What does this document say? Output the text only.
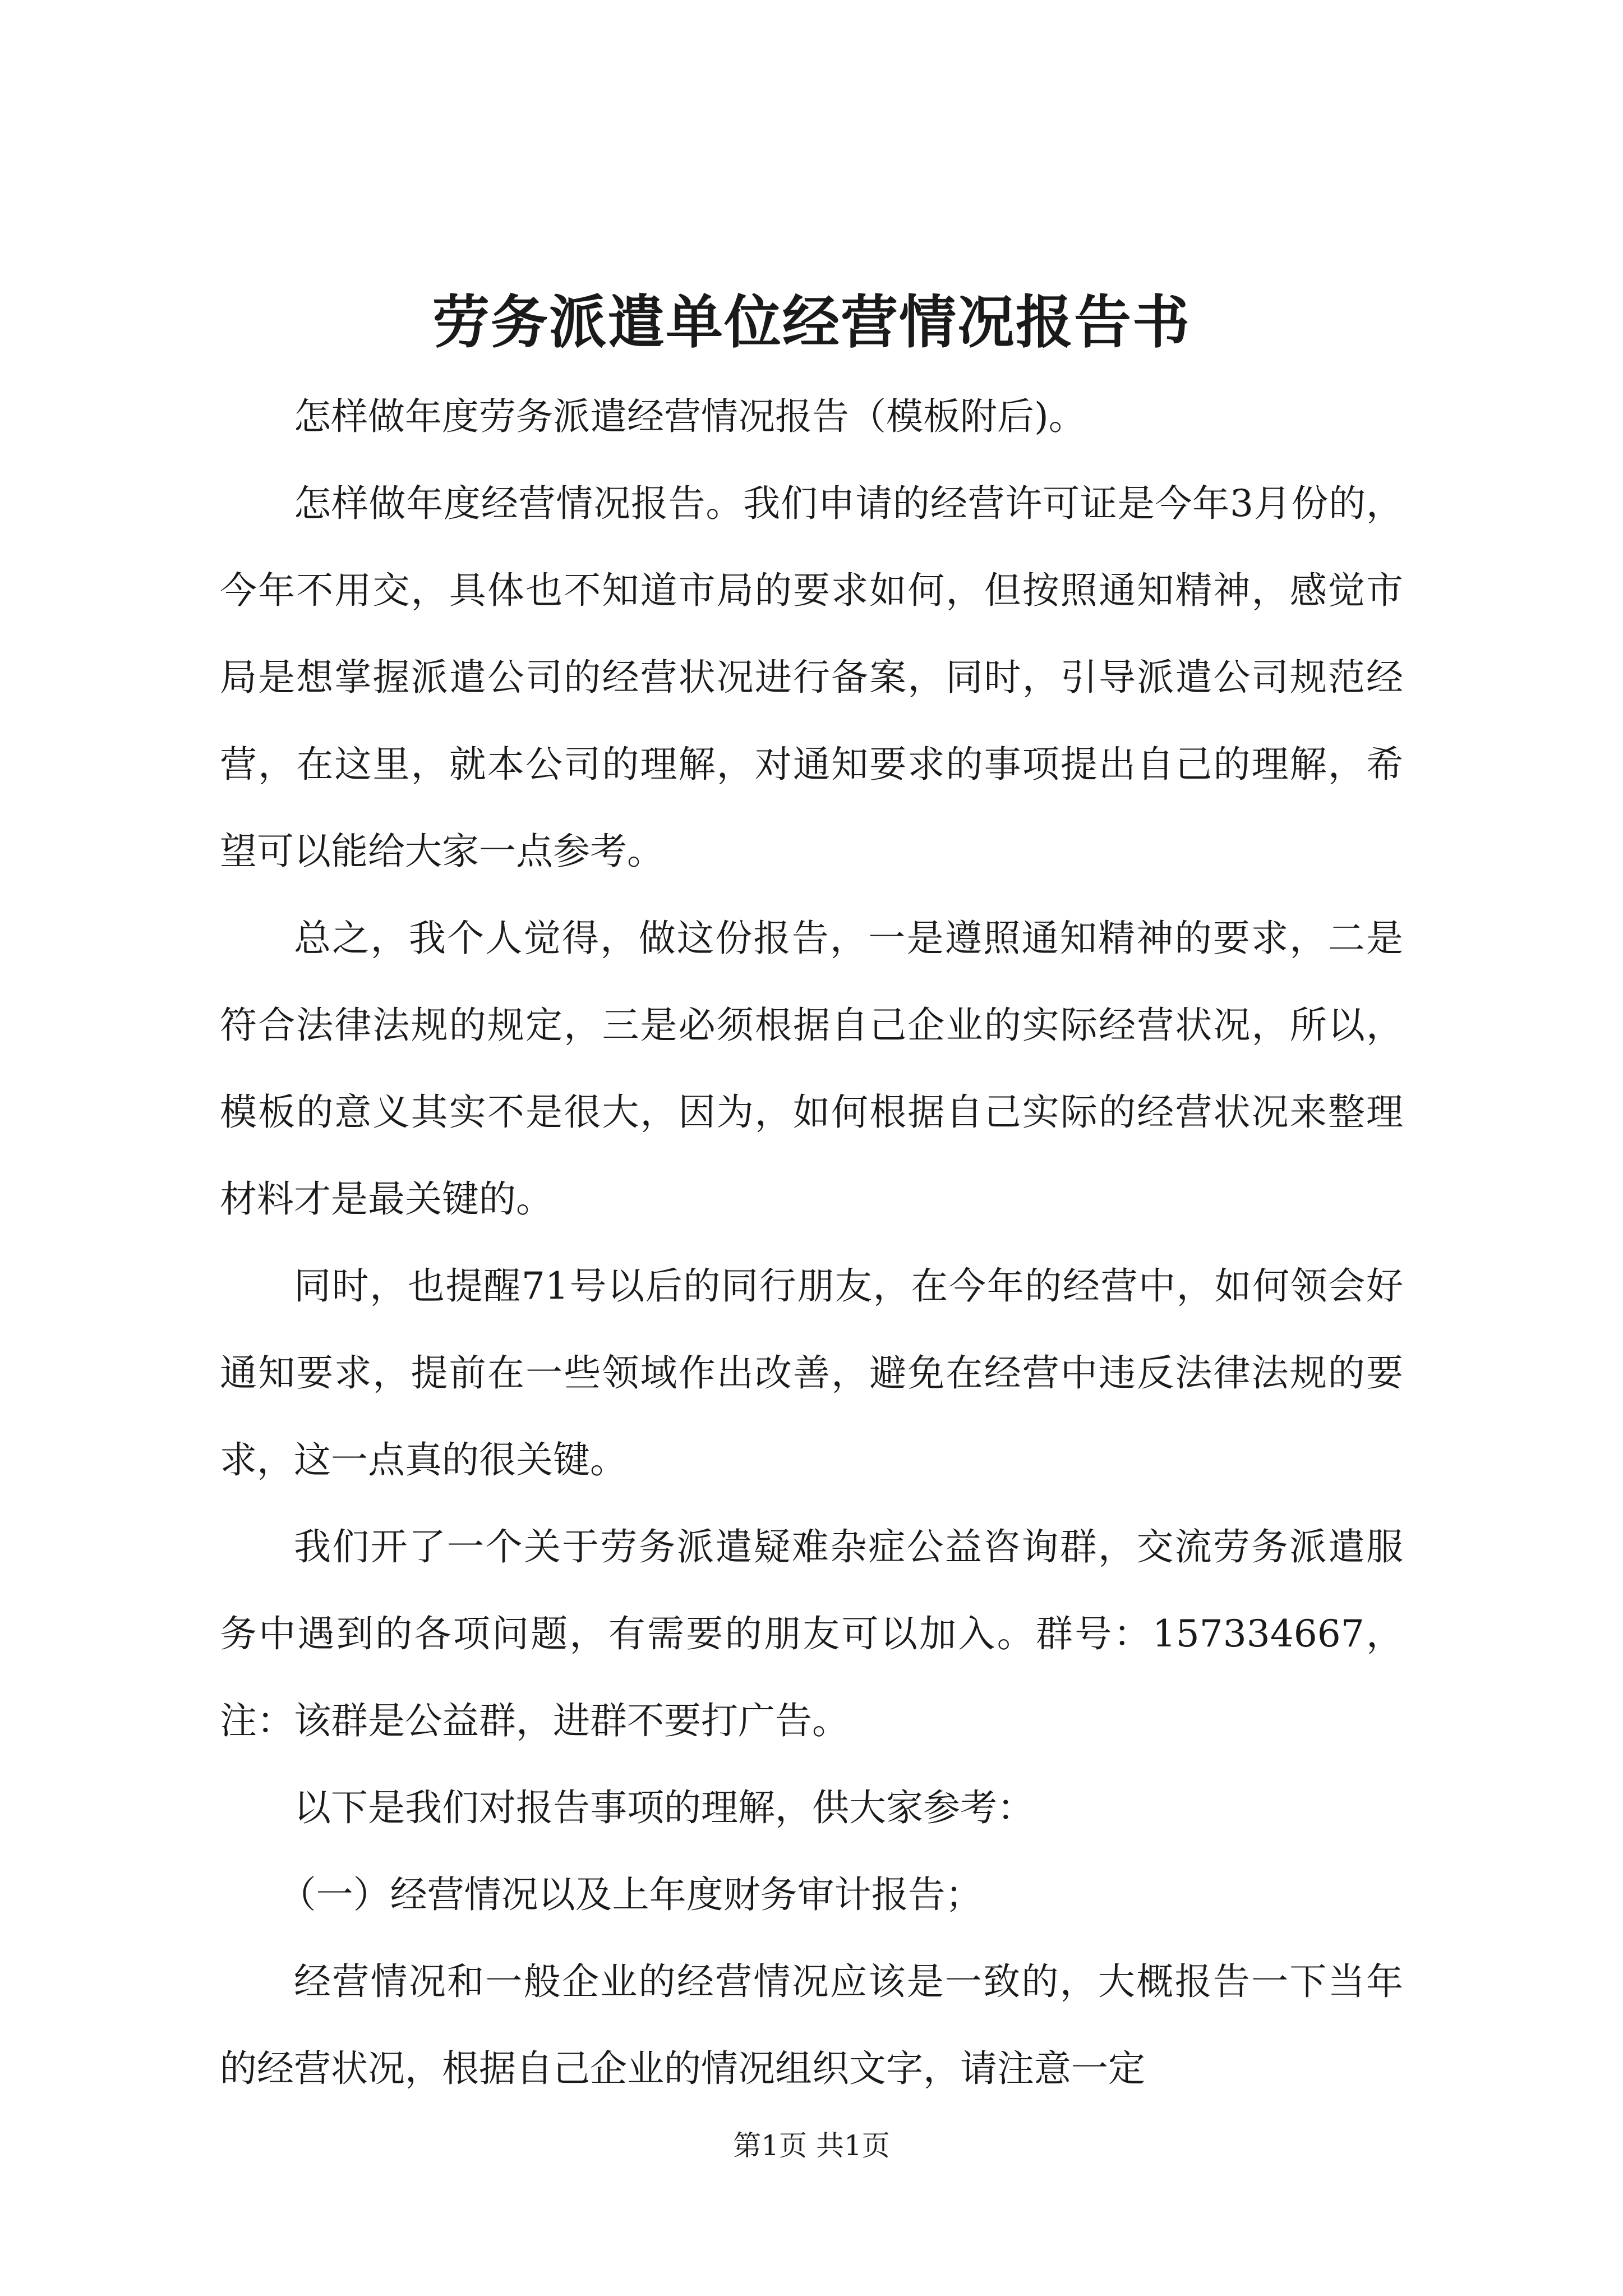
劳务派遣单位经营情况报告书

怎样做年度劳务派遣经营情况报告（模板附后)。

怎样做年度经营情况报告。我们申请的经营许可证是今年3月份的，今年不用交，具体也不知道市局的要求如何，但按照通知精神，感觉市局是想掌握派遣公司的经营状况进行备案，同时，引导派遣公司规范经营，在这里，就本公司的理解，对通知要求的事项提出自己的理解，希望可以能给大家一点参考。

总之，我个人觉得，做这份报告，一是遵照通知精神的要求，二是符合法律法规的规定，三是必须根据自己企业的实际经营状况，所以，模板的意义其实不是很大，因为，如何根据自己实际的经营状况来整理材料才是最关键的。

同时，也提醒71号以后的同行朋友，在今年的经营中，如何领会好通知要求，提前在一些领域作出改善，避免在经营中违反法律法规的要求，这一点真的很关键。

我们开了一个关于劳务派遣疑难杂症公益咨询群，交流劳务派遣服务中遇到的各项问题，有需要的朋友可以加入。群号：157334667，注：该群是公益群，进群不要打广告。

以下是我们对报告事项的理解，供大家参考：

（一）经营情况以及上年度财务审计报告；

经营情况和一般企业的经营情况应该是一致的，大概报告一下当年的经营状况，根据自己企业的情况组织文字，请注意一定

第1页 共1页
